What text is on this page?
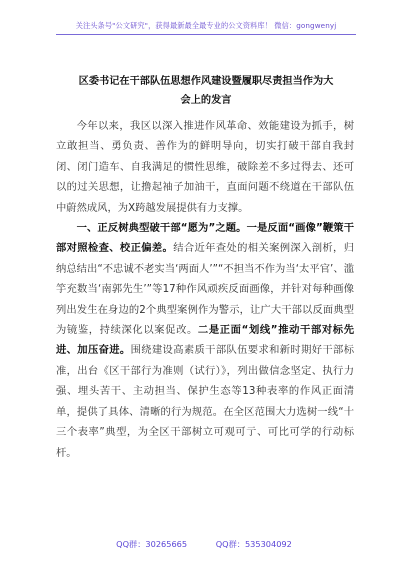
关注头条号"公文研究"，获得最新最全最专业的公文资料库！ 微信：gongwenyj
区委书记在干部队伍思想作风建设暨履职尽责担当作为大
会上的发言

今年以来，我区以深入推进作风革命、效能建设为抓手，树立敢担当、勇负责、善作为的鲜明导向，切实打破干部自我封闭、闭门造车、自我满足的惯性思维，破除差不多过得去、还可以的过关思想，让撸起袖子加油干，直面问题不绕道在干部队伍中蔚然成风，为X跨越发展提供有力支撑。

一、正反树典型破干部“愿为”之题。一是反面“画像”鞭策干部对照检查、校正偏差。结合近年查处的相关案例深入剖析，归纳总结出“不忠诚不老实当‘两面人’”“不担当不作为当‘太平官’、滥竽充数当‘南郭先生’”等17种作风顽疾反面画像，并针对每种画像列出发生在身边的2个典型案例作为警示，让广大干部以反面典型为镜鉴，持续深化以案促改。二是正面“划线”推动干部对标先进、加压奋进。围绕建设高素质干部队伍要求和新时期好干部标准，出台《区干部行为准则（试行）》，列出做信念坚定、执行力强、埋头苦干、主动担当、保护生态等13种表率的作风正面清单，提供了具体、清晰的行为规范。在全区范围大力选树一线“十三个表率”典型，为全区干部树立可观可亍、可比可学的行动标杆。

QQ群：30265665	QQ群：535304092
